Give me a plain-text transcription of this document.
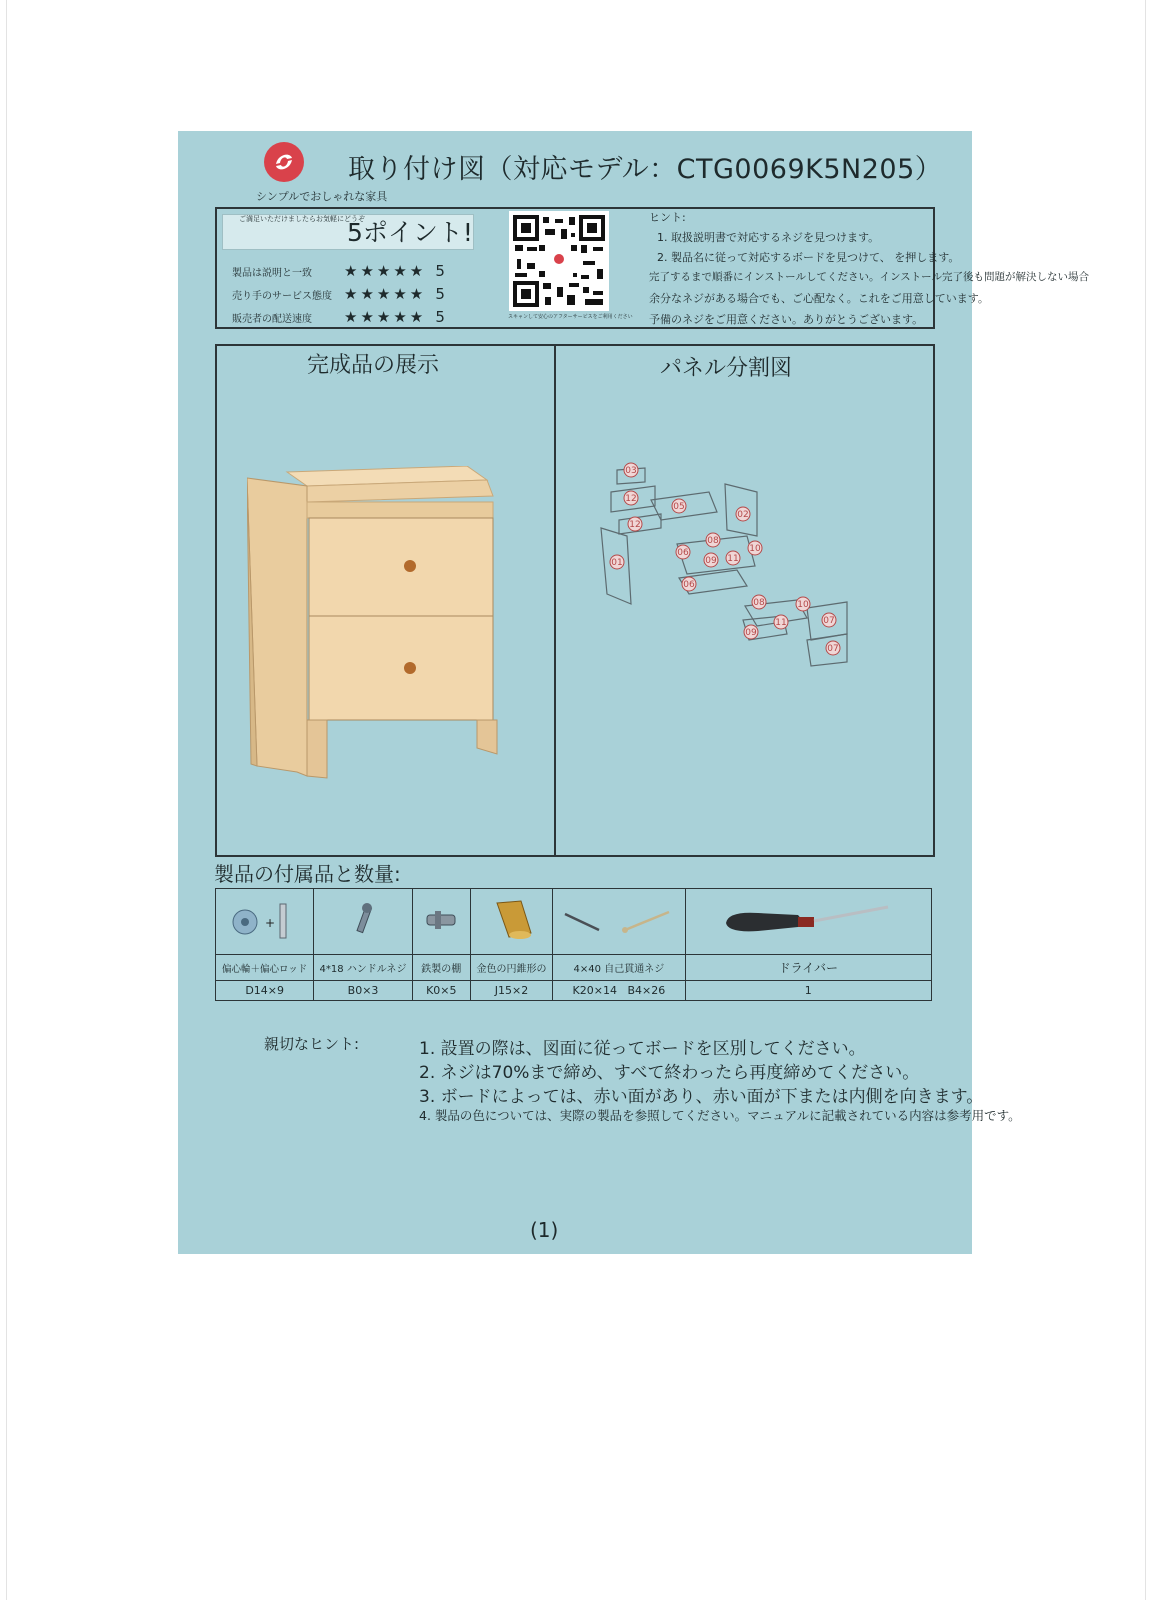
取り付け図（対応モデル：CTG0069K5N205）
シンプルでおしゃれな家具
ご満足いただけましたらお気軽にどうぞ
5ポイント!
製品は説明と一致 ★★★★★ 5
売り手のサービス態度 ★★★★★ 5
販売者の配送速度 ★★★★★ 5	スキャンして安心のアフターサービスをご利用ください
ヒント:
1. 取扱説明書で対応するネジを見つけます。
2. 製品名に従って対応するボードを見つけて、 を押します。
完了するまで順番にインストールしてください。インストール完了後も問題が解決しない場合
余分なネジがある場合でも、ご心配なく。これをご用意しています。
予備のネジをご用意ください。ありがとうございます。
完成品の展示	パネル分割図
03
12
12
05
02
01
06
08
09 11
10
06
08	10
09
11	07
07
製品の付属品と数量:
+

偏心輪＋偏心ロッド	4*18 ハンドルネジ	鉄製の棚	金色の円錐形の	4×40 自己貫通ネジ	ドライバー
D14×9	B0×3	K0×5	J15×2	K20×14 B4×26	1
親切なヒント:	1. 設置の際は、図面に従ってボードを区別してください。
2. ネジは70%まで締め、すべて終わったら再度締めてください。
3. ボードによっては、赤い面があり、赤い面が下または内側を向きます。
4. 製品の色については、実際の製品を参照してください。マニュアルに記載されている内容は参考用です。
(1)
